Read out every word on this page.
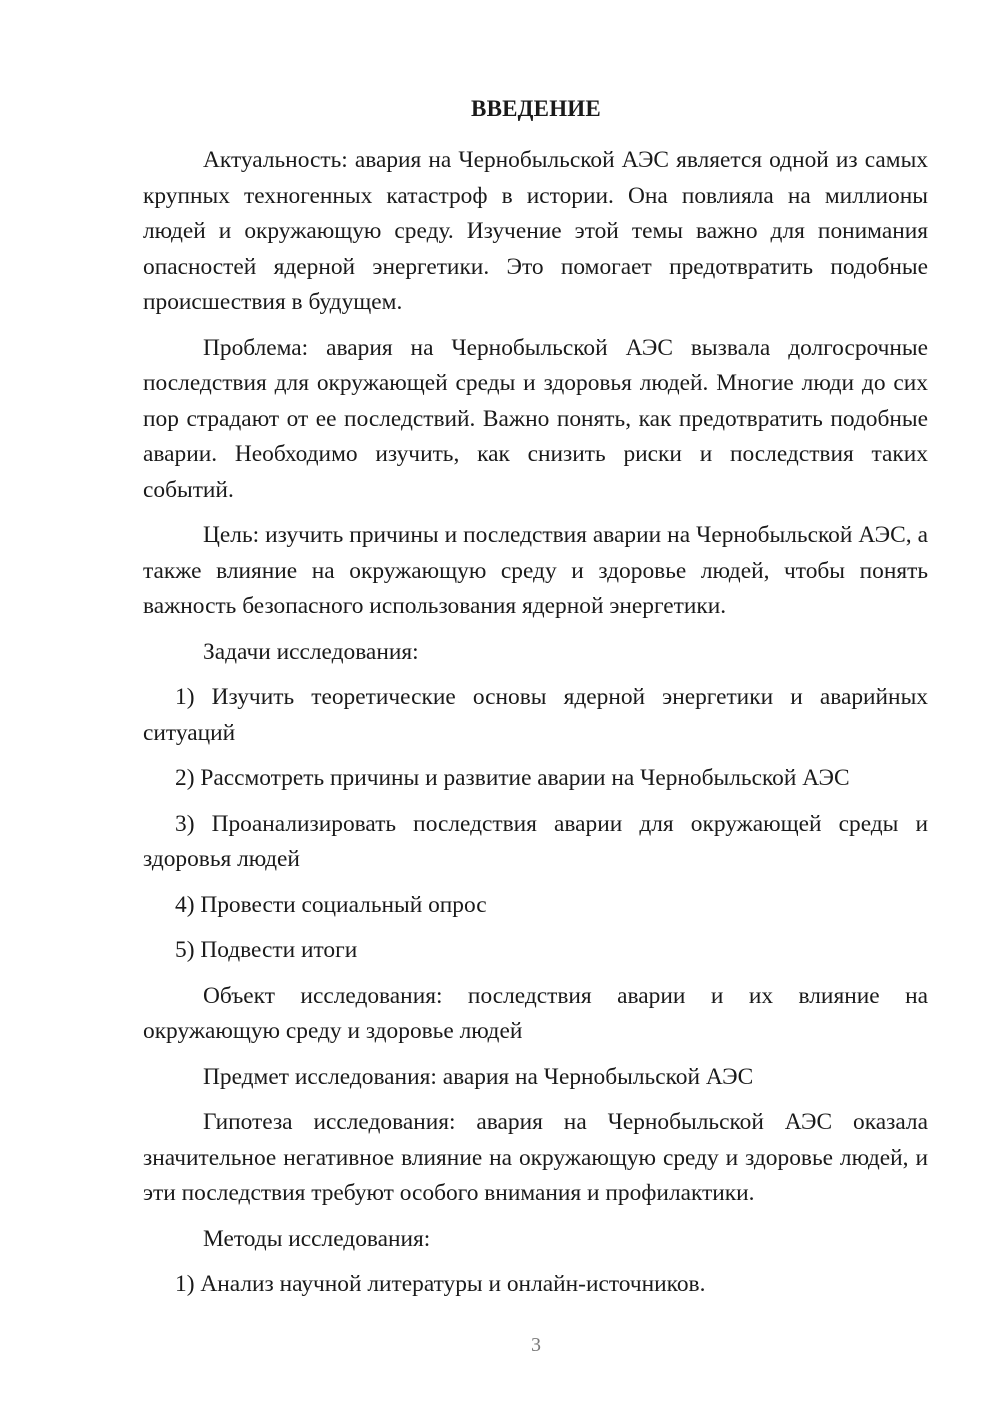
ВВЕДЕНИЕ

Актуальность: авария на Чернобыльской АЭС является одной из самых крупных техногенных катастроф в истории. Она повлияла на миллионы людей и окружающую среду. Изучение этой темы важно для понимания опасностей ядерной энергетики. Это помогает предотвратить подобные происшествия в будущем.

Проблема: авария на Чернобыльской АЭС вызвала долгосрочные последствия для окружающей среды и здоровья людей. Многие люди до сих пор страдают от ее последствий. Важно понять, как предотвратить подобные аварии. Необходимо изучить, как снизить риски и последствия таких событий.

Цель: изучить причины и последствия аварии на Чернобыльской АЭС, а также влияние на окружающую среду и здоровье людей, чтобы понять важность безопасного использования ядерной энергетики.

Задачи исследования:

1) Изучить теоретические основы ядерной энергетики и аварийных ситуаций

2) Рассмотреть причины и развитие аварии на Чернобыльской АЭС

3) Проанализировать последствия аварии для окружающей среды и здоровья людей

4) Провести социальный опрос

5) Подвести итоги

Объект исследования: последствия аварии и их влияние на окружающую среду и здоровье людей

Предмет исследования: авария на Чернобыльской АЭС

Гипотеза исследования: авария на Чернобыльской АЭС оказала значительное негативное влияние на окружающую среду и здоровье людей, и эти последствия требуют особого внимания и профилактики.

Методы исследования:

1) Анализ научной литературы и онлайн-источников.

3
